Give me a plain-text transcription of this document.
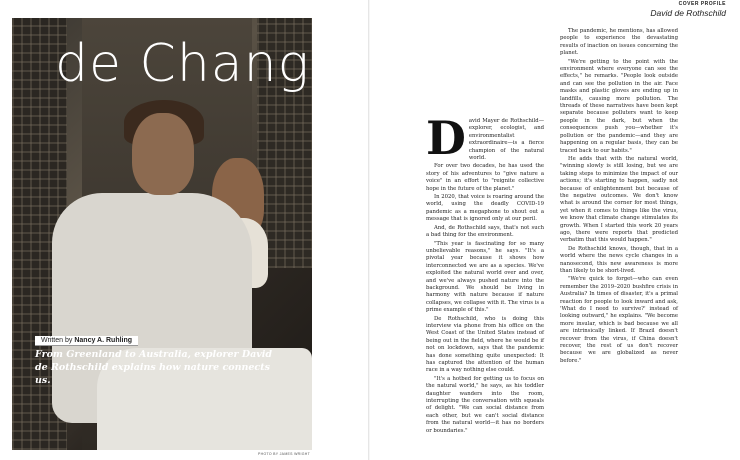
de Change
Written by Nancy A. Ruhling
From Greenland to Australia, explorer David de Rothschild explains how nature connects us.
PHOTO BY JAMES WRIGHT
COVER PROFILE
David de Rothschild
D avid Mayer de Rothschild—explorer, ecologist, and environmentalist extraordinaire—is a fierce champion of the natural world.

For over two decades, he has used the story of his adventures to "give nature a voice" in an effort to "reignite collective hope in the future of the planet."

In 2020, that voice is roaring around the world, using the deadly COVID-19 pandemic as a megaphone to shout out a message that is ignored only at our peril.

And, de Rothschild says, that's not such a bad thing for the environment.

"This year is fascinating for so many unbelievable reasons," he says. "It's a pivotal year because it shows how interconnected we are as a species. We've exploited the natural world over and over, and we've always pushed nature into the background. We should be living in harmony with nature because if nature collapses, we collapse with it. The virus is a prime example of this."

De Rothschild, who is doing this interview via phone from his office on the West Coast of the United States instead of being out in the field, where he would be if not on lockdown, says that the pandemic has done something quite unexpected: It has captured the attention of the human race in a way nothing else could.

"It's a hotbed for getting us to focus on the natural world," he says, as his toddler daughter wanders into the room, interrupting the conversation with squeals of delight. "We can social distance from each other, but we can't social distance from the natural world—it has no borders or boundaries."

The pandemic, he mentions, has allowed people to experience the devastating results of inaction on issues concerning the planet.

"We're getting to the point with the environment where everyone can see the effects," he remarks. "People look outside and can see the pollution in the air. Face masks and plastic gloves are ending up in landfills, causing more pollution. The threads of these narratives have been kept separate because polluters want to keep people in the dark, but when the consequences push you—whether it's pollution or the pandemic—and they are happening on a regular basis, they can be traced back to our habits."

He adds that with the natural world, "winning slowly is still losing, but we are taking steps to minimize the impact of our actions; it's starting to happen, sadly not because of enlightenment but because of the negative outcomes. We don't know what is around the corner for most things, yet when it comes to things like the virus, we know that climate change stimulates its growth. When I started this work 20 years ago, there were reports that predicted verbatim that this would happen."

De Rothschild knows, though, that in a world where the news cycle changes in a nanosecond, this new awareness is more than likely to be short-lived.

"We're quick to forget—who can even remember the 2019–2020 bushfire crisis in Australia? In times of disaster, it's a primal reaction for people to look inward and ask, 'What do I need to survive?' instead of looking outward," he explains. "We become more insular, which is bad because we all are intrinsically linked. If Brazil doesn't recover from the virus, if China doesn't recover, the rest of us don't recover because we are globalized as never before."
